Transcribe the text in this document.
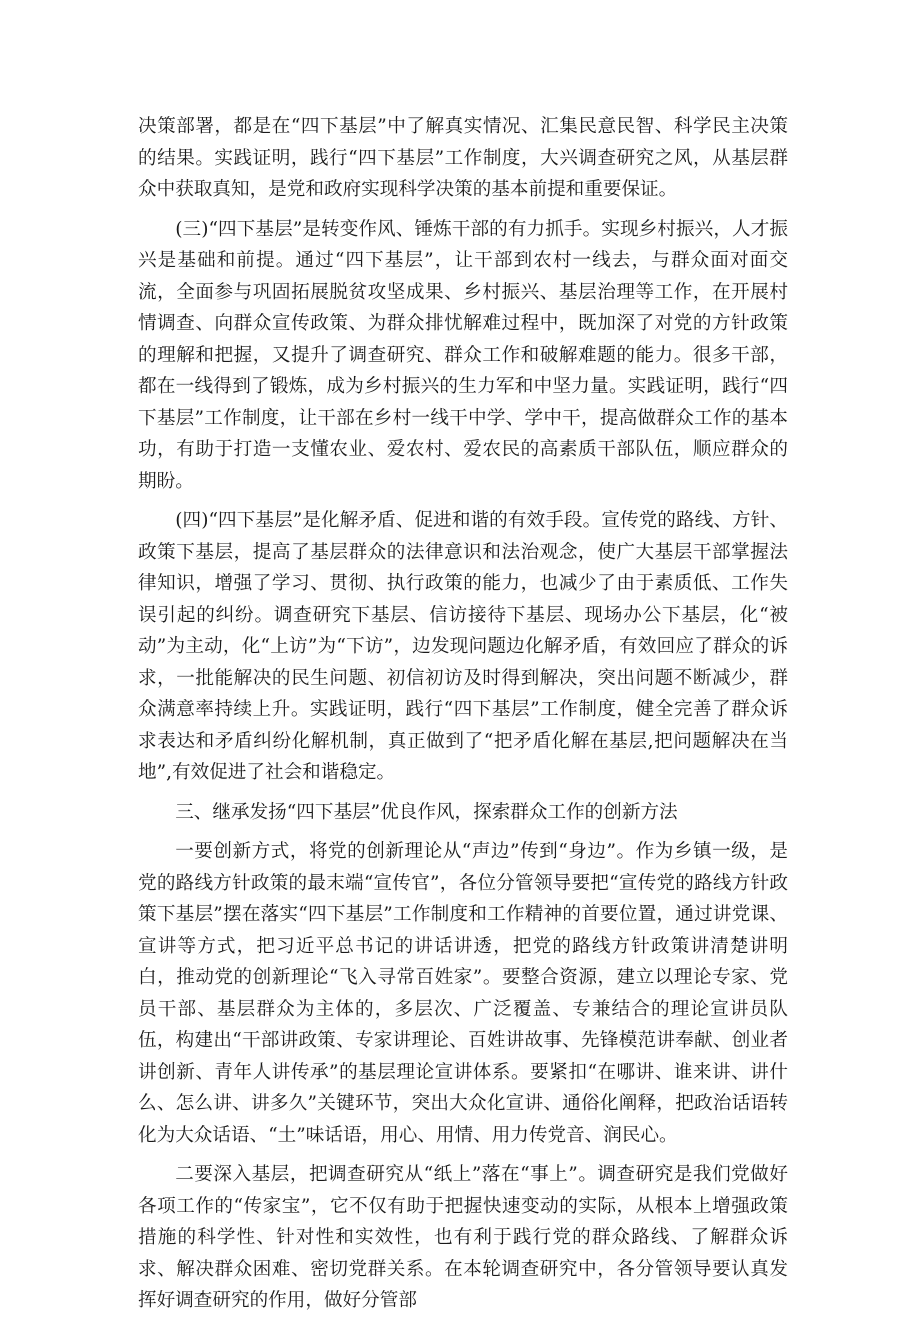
决策部署，都是在“四下基层”中了解真实情况、汇集民意民智、科学民主决策的结果。实践证明，践行“四下基层”工作制度，大兴调查研究之风，从基层群众中获取真知，是党和政府实现科学决策的基本前提和重要保证。

(三)“四下基层”是转变作风、锤炼干部的有力抓手。实现乡村振兴，人才振兴是基础和前提。通过“四下基层”，让干部到农村一线去，与群众面对面交流，全面参与巩固拓展脱贫攻坚成果、乡村振兴、基层治理等工作，在开展村情调查、向群众宣传政策、为群众排忧解难过程中，既加深了对党的方针政策的理解和把握，又提升了调查研究、群众工作和破解难题的能力。很多干部，都在一线得到了锻炼，成为乡村振兴的生力军和中坚力量。实践证明，践行“四下基层”工作制度，让干部在乡村一线干中学、学中干，提高做群众工作的基本功，有助于打造一支懂农业、爱农村、爱农民的高素质干部队伍，顺应群众的期盼。

(四)“四下基层”是化解矛盾、促进和谐的有效手段。宣传党的路线、方针、政策下基层，提高了基层群众的法律意识和法治观念，使广大基层干部掌握法律知识，增强了学习、贯彻、执行政策的能力，也减少了由于素质低、工作失误引起的纠纷。调查研究下基层、信访接待下基层、现场办公下基层，化“被动”为主动，化“上访”为“下访”，边发现问题边化解矛盾，有效回应了群众的诉求，一批能解决的民生问题、初信初访及时得到解决，突出问题不断减少，群众满意率持续上升。实践证明，践行“四下基层”工作制度，健全完善了群众诉求表达和矛盾纠纷化解机制，真正做到了“把矛盾化解在基层,把问题解决在当地”,有效促进了社会和谐稳定。

三、继承发扬“四下基层”优良作风，探索群众工作的创新方法

一要创新方式，将党的创新理论从“声边”传到“身边”。作为乡镇一级，是党的路线方针政策的最末端“宣传官”，各位分管领导要把“宣传党的路线方针政策下基层”摆在落实“四下基层”工作制度和工作精神的首要位置，通过讲党课、宣讲等方式，把习近平总书记的讲话讲透，把党的路线方针政策讲清楚讲明白，推动党的创新理论“飞入寻常百姓家”。要整合资源，建立以理论专家、党员干部、基层群众为主体的，多层次、广泛覆盖、专兼结合的理论宣讲员队伍，构建出“干部讲政策、专家讲理论、百姓讲故事、先锋模范讲奉献、创业者讲创新、青年人讲传承”的基层理论宣讲体系。要紧扣“在哪讲、谁来讲、讲什么、怎么讲、讲多久”关键环节，突出大众化宣讲、通俗化阐释，把政治话语转化为大众话语、“土”味话语，用心、用情、用力传党音、润民心。

二要深入基层，把调查研究从“纸上”落在“事上”。调查研究是我们党做好各项工作的“传家宝”，它不仅有助于把握快速变动的实际，从根本上增强政策措施的科学性、针对性和实效性，也有利于践行党的群众路线、了解群众诉求、解决群众困难、密切党群关系。在本轮调查研究中，各分管领导要认真发挥好调查研究的作用，做好分管部
